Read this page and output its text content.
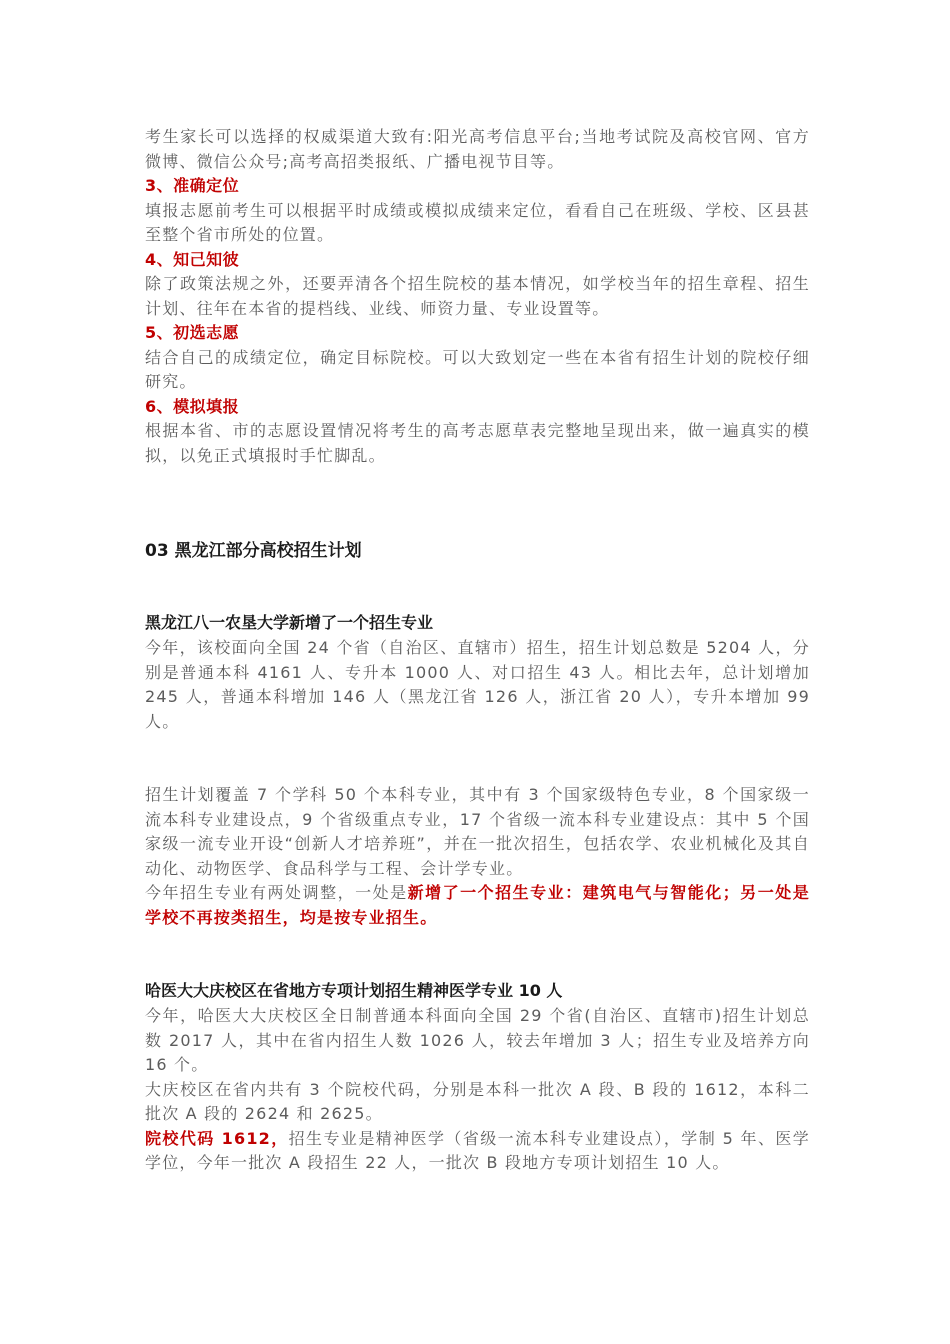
考生家长可以选择的权威渠道大致有:阳光高考信息平台;当地考试院及高校官网、官方微博、微信公众号;高考高招类报纸、广播电视节目等。

3、准确定位

填报志愿前考生可以根据平时成绩或模拟成绩来定位，看看自己在班级、学校、区县甚至整个省市所处的位置。

4、知己知彼

除了政策法规之外，还要弄清各个招生院校的基本情况，如学校当年的招生章程、招生计划、往年在本省的提档线、业线、师资力量、专业设置等。

5、初选志愿

结合自己的成绩定位，确定目标院校。可以大致划定一些在本省有招生计划的院校仔细研究。

6、模拟填报

根据本省、市的志愿设置情况将考生的高考志愿草表完整地呈现出来，做一遍真实的模拟，以免正式填报时手忙脚乱。

03 黑龙江部分高校招生计划

黑龙江八一农垦大学新增了一个招生专业

今年，该校面向全国 24 个省（自治区、直辖市）招生，招生计划总数是 5204 人，分别是普通本科 4161 人、专升本 1000 人、对口招生 43 人。相比去年，总计划增加 245 人，普通本科增加 146 人（黑龙江省 126 人，浙江省 20 人），专升本增加 99 人。

招生计划覆盖 7 个学科 50 个本科专业，其中有 3 个国家级特色专业，8 个国家级一流本科专业建设点，9 个省级重点专业，17 个省级一流本科专业建设点：其中 5 个国家级一流专业开设“创新人才培养班”，并在一批次招生，包括农学、农业机械化及其自动化、动物医学、食品科学与工程、会计学专业。

今年招生专业有两处调整，一处是新增了一个招生专业：建筑电气与智能化；另一处是学校不再按类招生，均是按专业招生。

哈医大大庆校区在省地方专项计划招生精神医学专业 10 人

今年，哈医大大庆校区全日制普通本科面向全国 29 个省(自治区、直辖市)招生计划总数 2017 人，其中在省内招生人数 1026 人，较去年增加 3 人；招生专业及培养方向 16 个。

大庆校区在省内共有 3 个院校代码，分别是本科一批次 A 段、B 段的 1612，本科二批次 A 段的 2624 和 2625。

院校代码 1612，招生专业是精神医学（省级一流本科专业建设点），学制 5 年、医学学位，今年一批次 A 段招生 22 人，一批次 B 段地方专项计划招生 10 人。
